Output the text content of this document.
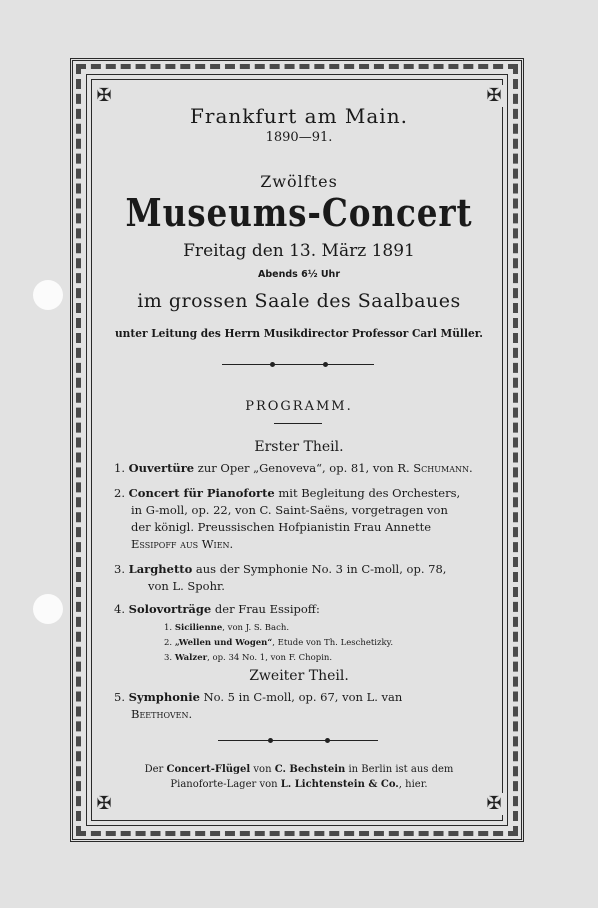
✠	✠
✠	✠
Frankfurt am Main.
1890—91.
Zwölftes
Museums-Concert
Freitag den 13. März 1891
Abends 6½ Uhr
im grossen Saale des Saalbaues
unter Leitung des Herrn Musikdirector Professor Carl Müller.
PROGRAMM.
Erster Theil.
1. Ouvertüre zur Oper „Genoveva“, op. 81, von R. Schumann.
2. Concert für Pianoforte mit Begleitung des Orchesters,
in G-moll, op. 22, von C. Saint-Saëns, vorgetragen von
der königl. Preussischen Hofpianistin Frau Annette
Essipoff aus Wien.
3. Larghetto aus der Symphonie No. 3 in C-moll, op. 78,
von L. Spohr.
4. Solovorträge der Frau Essipoff:
1. Sicilienne, von J. S. Bach.
2. „Wellen und Wogen“, Etude von Th. Leschetizky.
3. Walzer, op. 34 No. 1, von F. Chopin.
Zweiter Theil.
5. Symphonie No. 5 in C-moll, op. 67, von L. van
Beethoven.
Der Concert-Flügel von C. Bechstein in Berlin ist aus dem
Pianoforte-Lager von L. Lichtenstein & Co., hier.
